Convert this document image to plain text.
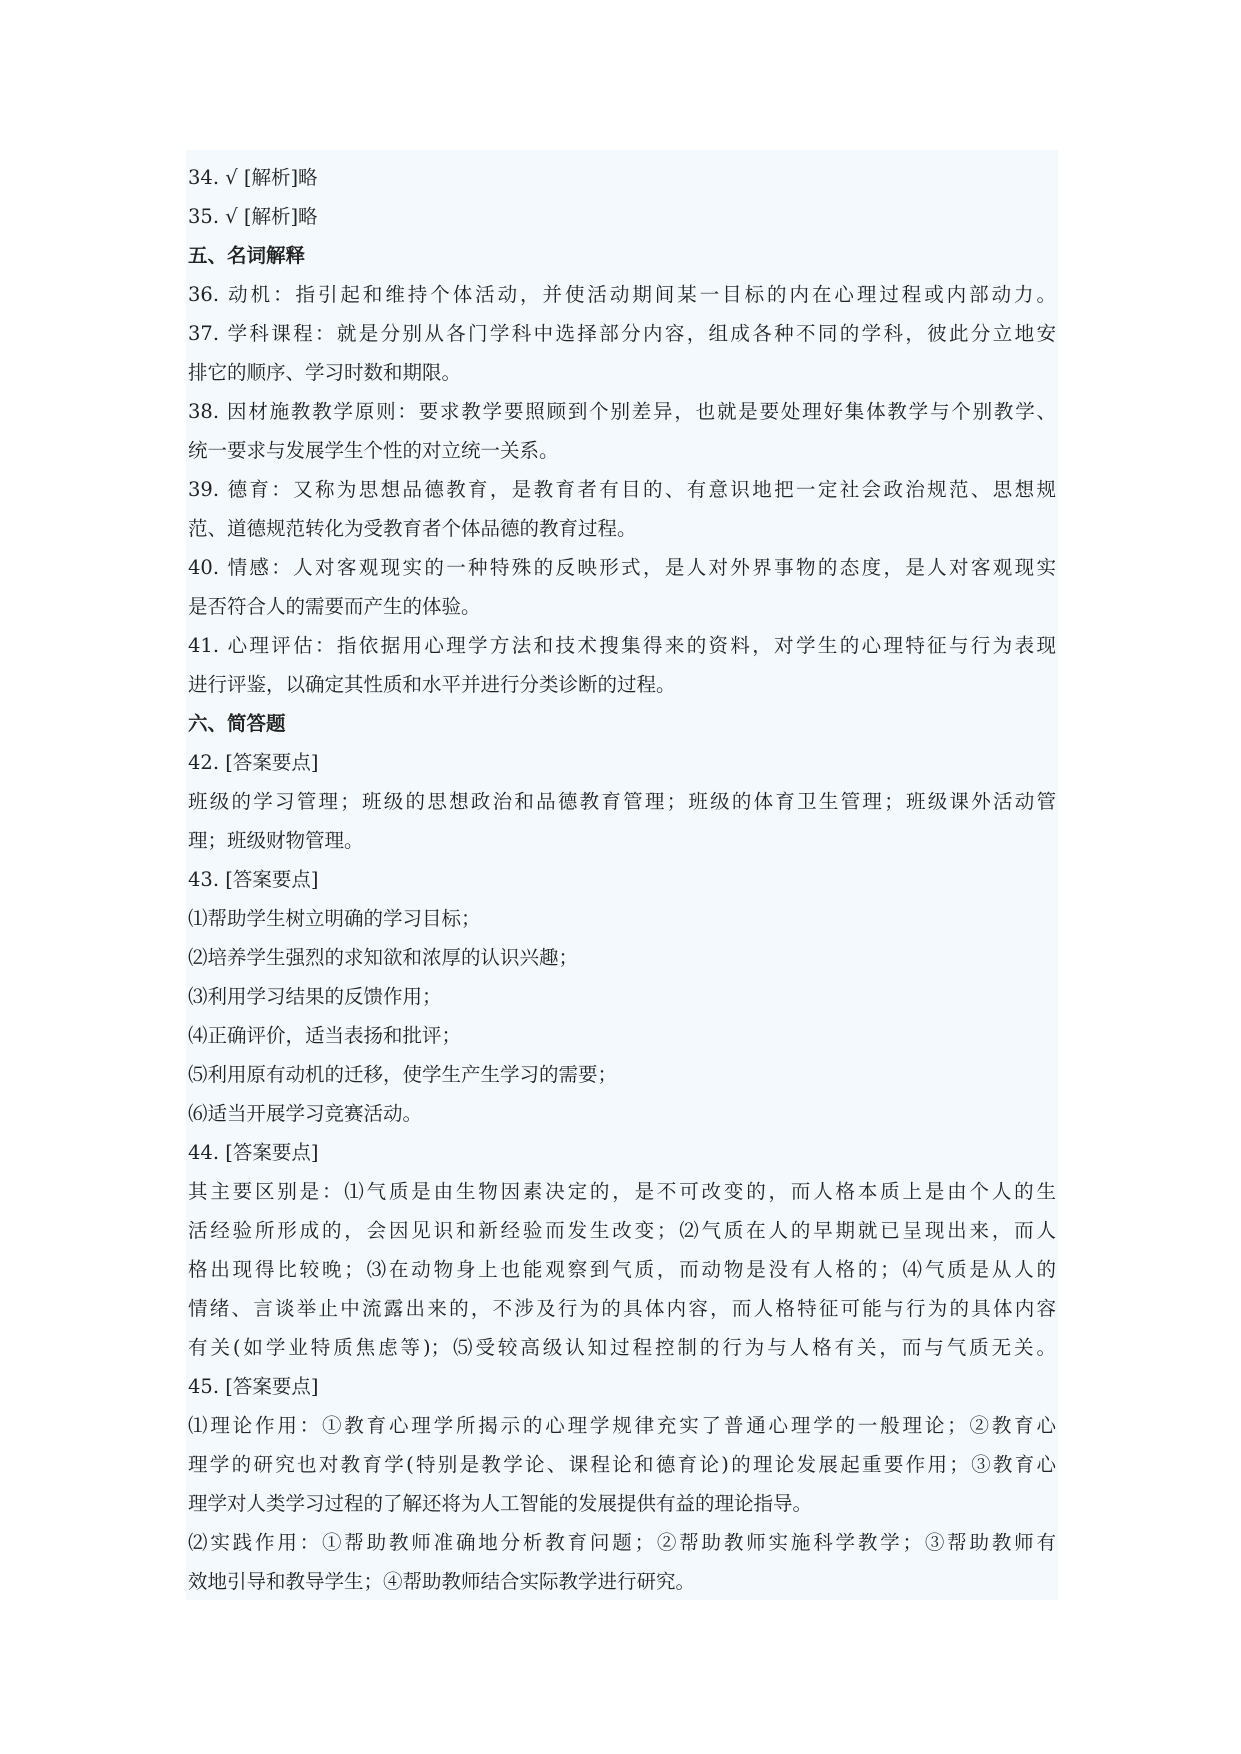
34. √ [解析]略
35. √ [解析]略
五、名词解释
36. 动机：指引起和维持个体活动，并使活动期间某一目标的内在心理过程或内部动力。
37. 学科课程：就是分别从各门学科中选择部分内容，组成各种不同的学科，彼此分立地安
排它的顺序、学习时数和期限。
38. 因材施教教学原则：要求教学要照顾到个别差异，也就是要处理好集体教学与个别教学、
统一要求与发展学生个性的对立统一关系。
39. 德育：又称为思想品德教育，是教育者有目的、有意识地把一定社会政治规范、思想规
范、道德规范转化为受教育者个体品德的教育过程。
40. 情感：人对客观现实的一种特殊的反映形式，是人对外界事物的态度，是人对客观现实
是否符合人的需要而产生的体验。
41. 心理评估：指依据用心理学方法和技术搜集得来的资料，对学生的心理特征与行为表现
进行评鉴，以确定其性质和水平并进行分类诊断的过程。
六、简答题
42. [答案要点]
班级的学习管理；班级的思想政治和品德教育管理；班级的体育卫生管理；班级课外活动管
理；班级财物管理。
43. [答案要点]
⑴帮助学生树立明确的学习目标；
⑵培养学生强烈的求知欲和浓厚的认识兴趣；
⑶利用学习结果的反馈作用；
⑷正确评价，适当表扬和批评；
⑸利用原有动机的迁移，使学生产生学习的需要；
⑹适当开展学习竞赛活动。
44. [答案要点]
其主要区别是：⑴气质是由生物因素决定的，是不可改变的，而人格本质上是由个人的生
活经验所形成的，会因见识和新经验而发生改变；⑵气质在人的早期就已呈现出来，而人
格出现得比较晚；⑶在动物身上也能观察到气质，而动物是没有人格的；⑷气质是从人的
情绪、言谈举止中流露出来的，不涉及行为的具体内容，而人格特征可能与行为的具体内容
有关(如学业特质焦虑等)；⑸受较高级认知过程控制的行为与人格有关，而与气质无关。
45. [答案要点]
⑴理论作用：①教育心理学所揭示的心理学规律充实了普通心理学的一般理论；②教育心
理学的研究也对教育学(特别是教学论、课程论和德育论)的理论发展起重要作用；③教育心
理学对人类学习过程的了解还将为人工智能的发展提供有益的理论指导。
⑵实践作用：①帮助教师准确地分析教育问题；②帮助教师实施科学教学；③帮助教师有
效地引导和教导学生；④帮助教师结合实际教学进行研究。
